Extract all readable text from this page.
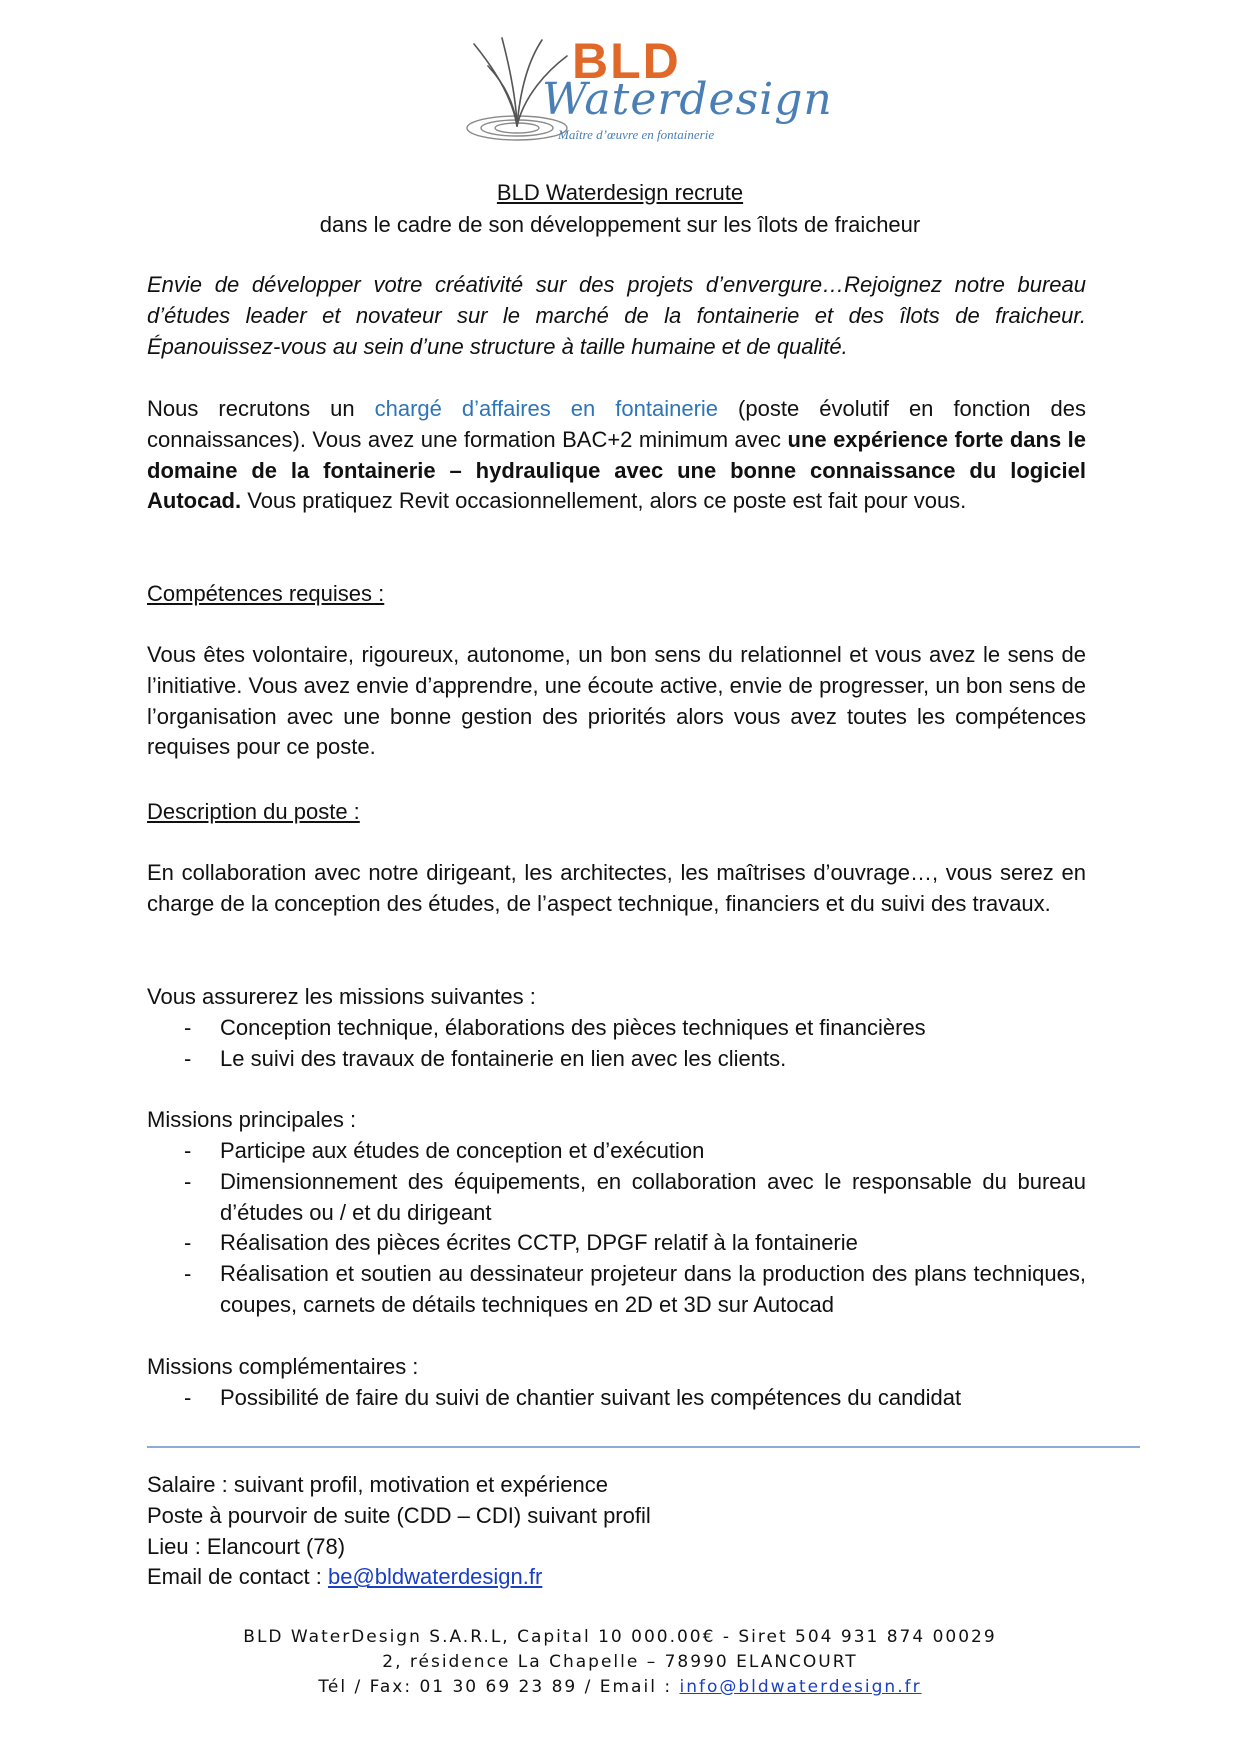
BLD
Waterdesign
Maître d’œuvre en fontainerie
BLD Waterdesign recrute
dans le cadre de son développement sur les îlots de fraicheur
Envie de développer votre créativité sur des projets d’envergure…Rejoignez notre bureau d’études leader et novateur sur le marché de la fontainerie et des îlots de fraicheur. Épanouissez-vous au sein d’une structure à taille humaine et de qualité.
Nous recrutons un chargé d’affaires en fontainerie (poste évolutif en fonction des connaissances). Vous avez une formation BAC+2 minimum avec une expérience forte dans le domaine de la fontainerie – hydraulique avec une bonne connaissance du logiciel Autocad. Vous pratiquez Revit occasionnellement, alors ce poste est fait pour vous.
Compétences requises :
Vous êtes volontaire, rigoureux, autonome, un bon sens du relationnel et vous avez le sens de l’initiative. Vous avez envie d’apprendre, une écoute active, envie de progresser, un bon sens de l’organisation avec une bonne gestion des priorités alors vous avez toutes les compétences requises pour ce poste.
Description du poste :
En collaboration avec notre dirigeant, les architectes, les maîtrises d’ouvrage…, vous serez en charge de la conception des études, de l’aspect technique, financiers et du suivi des travaux.
Vous assurerez les missions suivantes :
- Conception technique, élaborations des pièces techniques et financières
- Le suivi des travaux de fontainerie en lien avec les clients.
Missions principales :
- Participe aux études de conception et d’exécution
- Dimensionnement des équipements, en collaboration avec le responsable du bureau d’études ou / et du dirigeant
- Réalisation des pièces écrites CCTP, DPGF relatif à la fontainerie
- Réalisation et soutien au dessinateur projeteur dans la production des plans techniques, coupes, carnets de détails techniques en 2D et 3D sur Autocad
Missions complémentaires :
- Possibilité de faire du suivi de chantier suivant les compétences du candidat
Salaire : suivant profil, motivation et expérience
Poste à pourvoir de suite (CDD – CDI) suivant profil
Lieu : Elancourt (78)
Email de contact : be@bldwaterdesign.fr
BLD WaterDesign S.A.R.L, Capital 10 000.00€ - Siret 504 931 874 00029
2, résidence La Chapelle – 78990 ELANCOURT
Tél / Fax: 01 30 69 23 89 / Email : info@bldwaterdesign.fr
